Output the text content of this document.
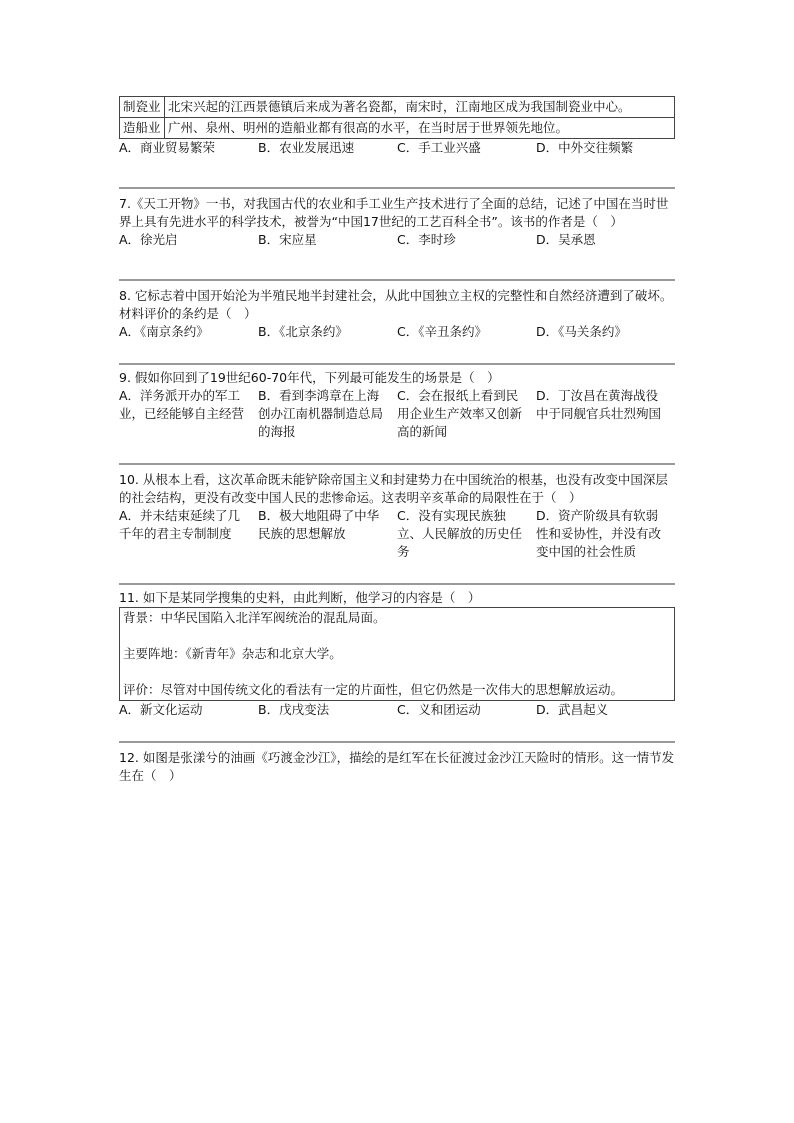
制瓷业	北宋兴起的江西景德镇后来成为著名瓷都，南宋时，江南地区成为我国制瓷业中心。
造船业	广州、泉州、明州的造船业都有很高的水平，在当时居于世界领先地位。
A．商业贸易繁荣	B．农业发展迅速	C．手工业兴盛	D．中外交往频繁
7.《天工开物》一书，对我国古代的农业和手工业生产技术进行了全面的总结，记述了中国在当时世界上具有先进水平的科学技术，被誉为“中国17世纪的工艺百科全书”。该书的作者是（　）
A．徐光启	B．宋应星	C．李时珍	D．吴承恩
8. 它标志着中国开始沦为半殖民地半封建社会，从此中国独立主权的完整性和自然经济遭到了破坏。材料评价的条约是（　）
A．《南京条约》	B．《北京条约》	C．《辛丑条约》	D．《马关条约》
9. 假如你回到了19世纪60-70年代，下列最可能发生的场景是（　）
A．洋务派开办的军工业，已经能够自主经营
B．看到李鸿章在上海创办江南机器制造总局的海报
C．会在报纸上看到民用企业生产效率又创新高的新闻
D．丁汝昌在黄海战役中于同舰官兵壮烈殉国
10. 从根本上看，这次革命既未能铲除帝国主义和封建势力在中国统治的根基，也没有改变中国深层的社会结构，更没有改变中国人民的悲惨命运。这表明辛亥革命的局限性在于（　）
A．并未结束延续了几千年的君主专制制度
B．极大地阻碍了中华民族的思想解放
C．没有实现民族独立、人民解放的历史任务
D．资产阶级具有软弱性和妥协性，并没有改变中国的社会性质
11. 如下是某同学搜集的史料，由此判断，他学习的内容是（　）

背景：中华民国陷入北洋军阀统治的混乱局面。

主要阵地：《新青年》杂志和北京大学。

评价：尽管对中国传统文化的看法有一定的片面性，但它仍然是一次伟大的思想解放运动。

A．新文化运动	B．戊戌变法	C．义和团运动	D．武昌起义
12. 如图是张漾兮的油画《巧渡金沙江》，描绘的是红军在长征渡过金沙江天险时的情形。这一情节发生在（　）
